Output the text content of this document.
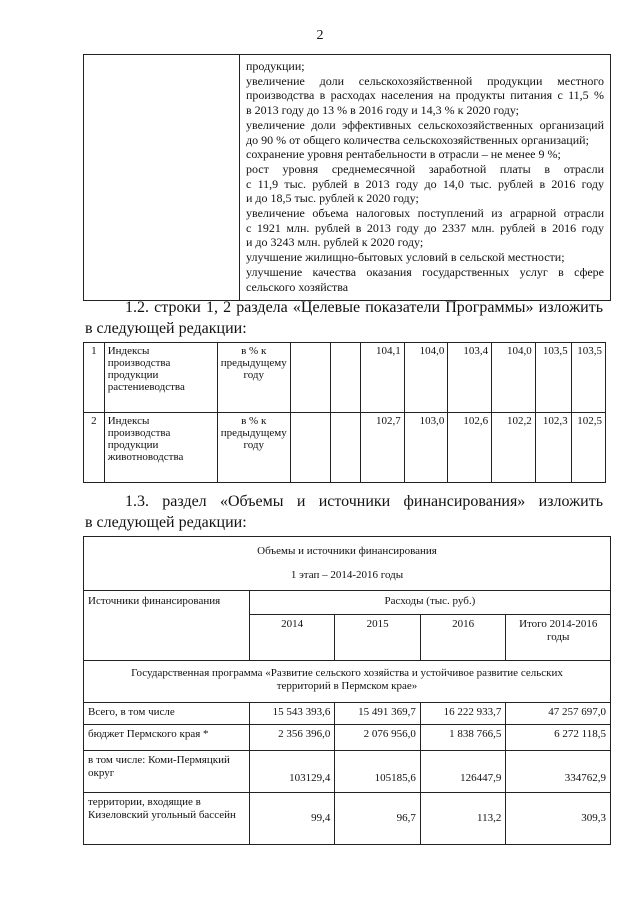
2

продукции;
увеличение доли сельскохозяйственной продукции местного
производства в расходах населения на продукты питания с 11,5 %
в 2013 году до 13 % в 2016 году и 14,3 % к 2020 году;
увеличение доли эффективных сельскохозяйственных организаций
до 90 % от общего количества сельскохозяйственных организаций;
сохранение уровня рентабельности в отрасли – не менее 9 %;
рост уровня среднемесячной заработной платы в отрасли
с 11,9 тыс. рублей в 2013 году до 14,0 тыс. рублей в 2016 году
и до 18,5 тыс. рублей к 2020 году;
увеличение объема налоговых поступлений из аграрной отрасли
с 1921 млн. рублей в 2013 году до 2337 млн. рублей в 2016 году
и до 3243 млн. рублей к 2020 году;
улучшение жилищно-бытовых условий в сельской местности;
улучшение качества оказания государственных услуг в сфере
сельского хозяйства
1.2. строки 1, 2 раздела «Целевые показатели Программы» изложить
в следующей редакции:
1	Индексы производства продукции растениеводства	в % к предыдущему году			104,1	104,0	103,4	104,0	103,5	103,5
2	Индексы производства продукции животноводства	в % к предыдущему году			102,7	103,0	102,6	102,2	102,3	102,5
1.3. раздел «Объемы и источники финансирования» изложить
в следующей редакции:
Объемы и источники финансирования				
1 этап – 2014-2016 годы				
Источники финансирования	Расходы (тыс. руб.)			
	2014	2015	2016	Итого 2014-2016 годы
Государственная программа «Развитие сельского хозяйства и устойчивое развитие сельских территорий в Пермском крае»				
Всего, в том числе	15 543 393,6	15 491 369,7	16 222 933,7	47 257 697,0
бюджет Пермского края *	2 356 396,0	2 076 956,0	1 838 766,5	6 272 118,5
в том числе: Коми-Пермяцкий округ	103129,4	105185,6	126447,9	334762,9
территории, входящие в Кизеловский угольный бассейн	99,4	96,7	113,2	309,3
